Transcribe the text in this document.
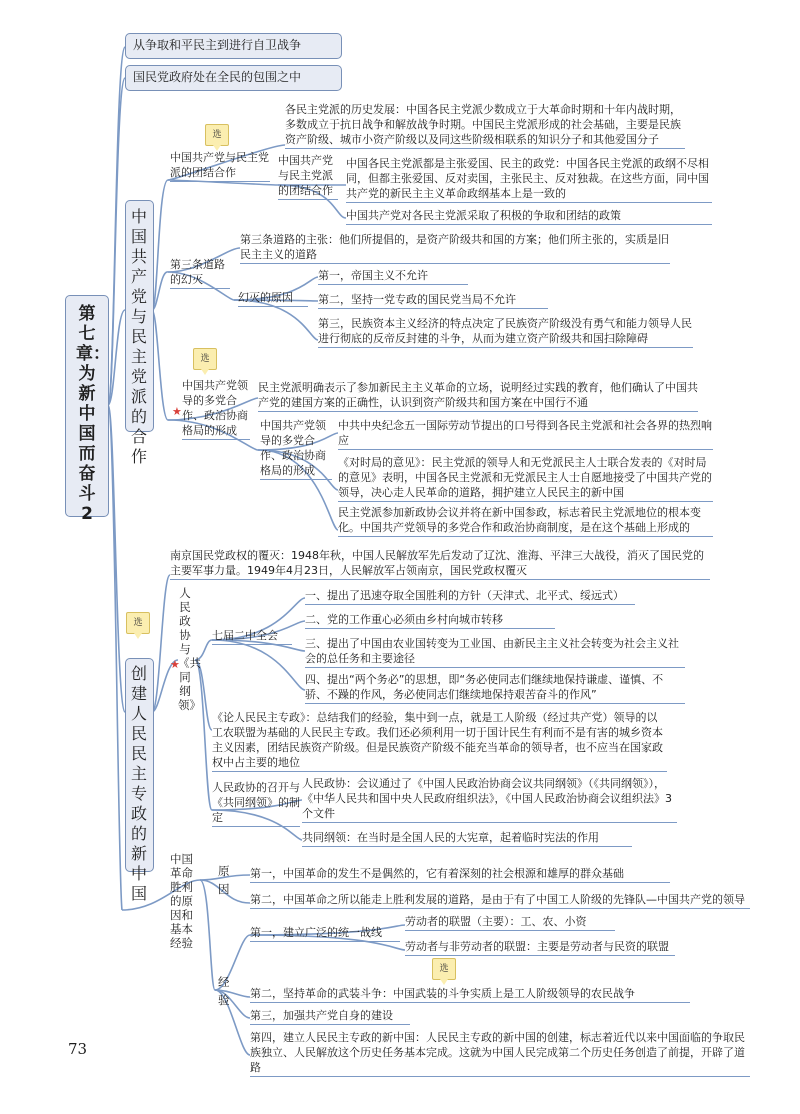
从争取和平民主到进行自卫战争
国民党政府处在全民的包围之中
第七章：为新中国而奋斗2
中国共产党与民主党派的合作
创建人民民主专政的新中国
选
选
选
选
★
★
中国共产党与民主党派的团结合作
各民主党派的历史发展：中国各民主党派少数成立于大革命时期和十年内战时期，多数成立于抗日战争和解放战争时期。中国民主党派形成的社会基础，主要是民族资产阶级、城市小资产阶级以及同这些阶级相联系的知识分子和其他爱国分子
中国共产党与民主党派的团结合作
中国各民主党派都是主张爱国、民主的政党：中国各民主党派的政纲不尽相同，但都主张爱国、反对卖国，主张民主、反对独裁。在这些方面，同中国共产党的新民主主义革命政纲基本上是一致的
中国共产党对各民主党派采取了积极的争取和团结的政策
第三条道路的幻灭
第三条道路的主张：他们所提倡的，是资产阶级共和国的方案；他们所主张的，实质是旧民主主义的道路
幻灭的原因
第一，帝国主义不允许
第二，坚持一党专政的国民党当局不允许
第三，民族资本主义经济的特点决定了民族资产阶级没有勇气和能力领导人民进行彻底的反帝反封建的斗争，从而为建立资产阶级共和国扫除障碍
中国共产党领导的多党合作、政治协商格局的形成
民主党派明确表示了参加新民主主义革命的立场，说明经过实践的教育，他们确认了中国共产党的建国方案的正确性，认识到资产阶级共和国方案在中国行不通
中国共产党领导的多党合作、政治协商格局的形成
中共中央纪念五一国际劳动节提出的口号得到各民主党派和社会各界的热烈响应
《对时局的意见》：民主党派的领导人和无党派民主人士联合发表的《对时局的意见》表明，中国各民主党派和无党派民主人士自愿地接受了中国共产党的领导，决心走人民革命的道路，拥护建立人民民主的新中国
民主党派参加新政协会议并将在新中国参政，标志着民主党派地位的根本变化。中国共产党领导的多党合作和政治协商制度，是在这个基础上形成的
南京国民党政权的覆灭：1948年秋，中国人民解放军先后发动了辽沈、淮海、平津三大战役，消灭了国民党的主要军事力量。1949年4月23日，人民解放军占领南京，国民党政权覆灭
人民政协与《共同纲领》
七届二中全会
一、提出了迅速夺取全国胜利的方针（天津式、北平式、绥远式）
二、党的工作重心必须由乡村向城市转移
三、提出了中国由农业国转变为工业国、由新民主主义社会转变为社会主义社会的总任务和主要途径
四、提出“两个务必”的思想，即“务必使同志们继续地保持谦虚、谨慎、不骄、不躁的作风，务必使同志们继续地保持艰苦奋斗的作风”
《论人民民主专政》：总结我们的经验，集中到一点，就是工人阶级（经过共产党）领导的以工农联盟为基础的人民民主专政。我们还必须利用一切于国计民生有利而不是有害的城乡资本主义因素，团结民族资产阶级。但是民族资产阶级不能充当革命的领导者，也不应当在国家政权中占主要的地位
人民政协的召开与《共同纲领》的制定
人民政协：会议通过了《中国人民政治协商会议共同纲领》（《共同纲领》），《中华人民共和国中央人民政府组织法》，《中国人民政治协商会议组织法》3个文件
共同纲领：在当时是全国人民的大宪章，起着临时宪法的作用
中国革命胜利的原因和基本经验
原因
第一，中国革命的发生不是偶然的，它有着深刻的社会根源和雄厚的群众基础
第二，中国革命之所以能走上胜利发展的道路，是由于有了中国工人阶级的先锋队—中国共产党的领导
经验
第一，建立广泛的统一战线
劳动者的联盟（主要）：工、农、小资
劳动者与非劳动者的联盟：主要是劳动者与民资的联盟
第二，坚持革命的武装斗争：中国武装的斗争实质上是工人阶级领导的农民战争
第三，加强共产党自身的建设
第四，建立人民民主专政的新中国：人民民主专政的新中国的创建，标志着近代以来中国面临的争取民族独立、人民解放这个历史任务基本完成。这就为中国人民完成第二个历史任务创造了前提，开辟了道路
73
